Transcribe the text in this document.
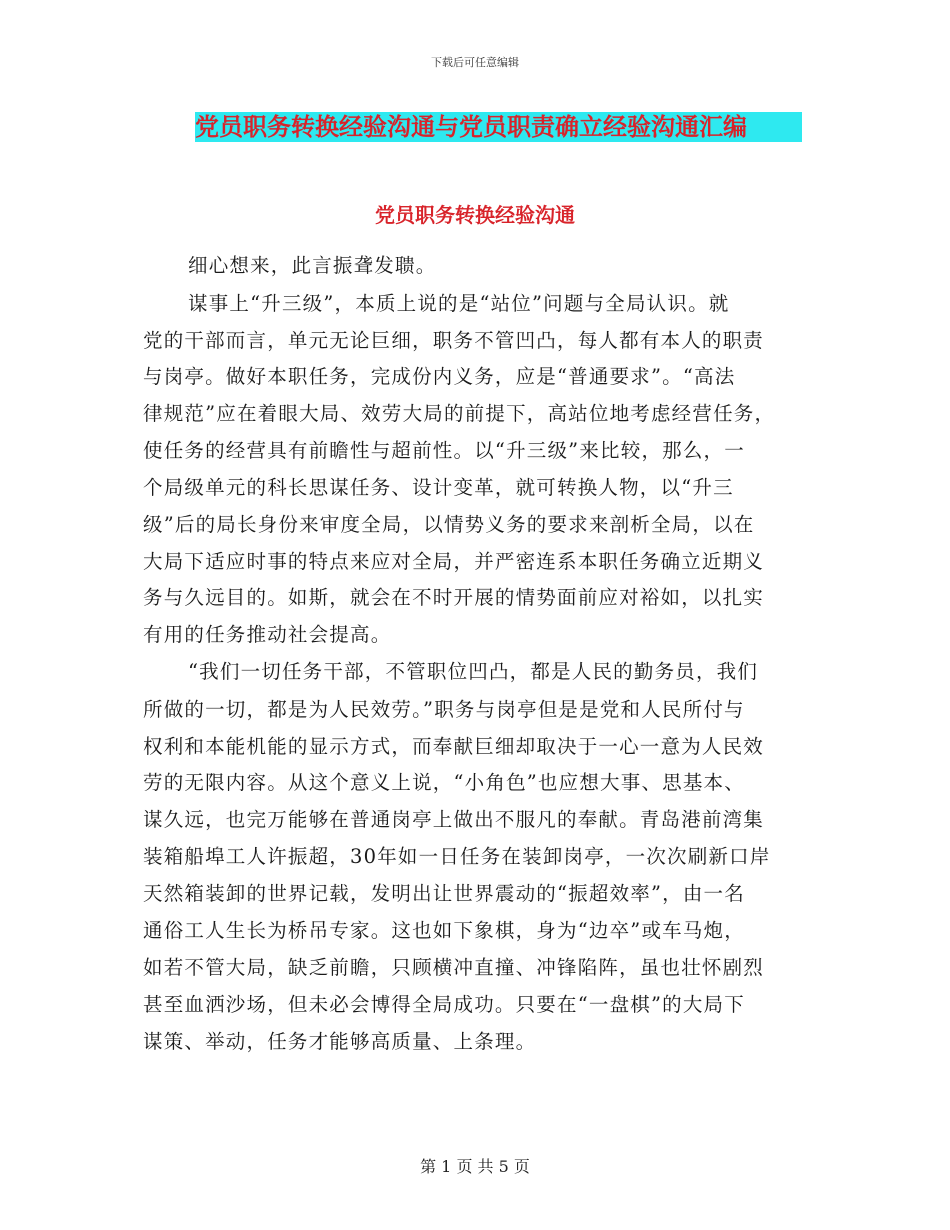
下载后可任意编辑
党员职务转换经验沟通与党员职责确立经验沟通汇编
党员职务转换经验沟通
细心想来，此言振聋发聩。
谋事上“升三级”，本质上说的是“站位”问题与全局认识。就
党的干部而言，单元无论巨细，职务不管凹凸，每人都有本人的职责
与岗亭。做好本职任务，完成份内义务，应是“普通要求”。“高法
律规范”应在着眼大局、效劳大局的前提下，高站位地考虑经营任务，
使任务的经营具有前瞻性与超前性。以“升三级”来比较，那么，一
个局级单元的科长思谋任务、设计变革，就可转换人物，以“升三
级”后的局长身份来审度全局，以情势义务的要求来剖析全局，以在
大局下适应时事的特点来应对全局，并严密连系本职任务确立近期义
务与久远目的。如斯，就会在不时开展的情势面前应对裕如，以扎实
有用的任务推动社会提高。
“我们一切任务干部，不管职位凹凸，都是人民的勤务员，我们
所做的一切，都是为人民效劳。”职务与岗亭但是是党和人民所付与
权利和本能机能的显示方式，而奉献巨细却取决于一心一意为人民效
劳的无限内容。从这个意义上说，“小角色”也应想大事、思基本、
谋久远，也完万能够在普通岗亭上做出不服凡的奉献。青岛港前湾集
装箱船埠工人许振超，30年如一日任务在装卸岗亭，一次次刷新口岸
天然箱装卸的世界记载，发明出让世界震动的“振超效率”，由一名
通俗工人生长为桥吊专家。这也如下象棋，身为“边卒”或车马炮，
如若不管大局，缺乏前瞻，只顾横冲直撞、冲锋陷阵，虽也壮怀剧烈
甚至血洒沙场，但未必会博得全局成功。只要在“一盘棋”的大局下
谋策、举动，任务才能够高质量、上条理。
第 1 页 共 5 页
